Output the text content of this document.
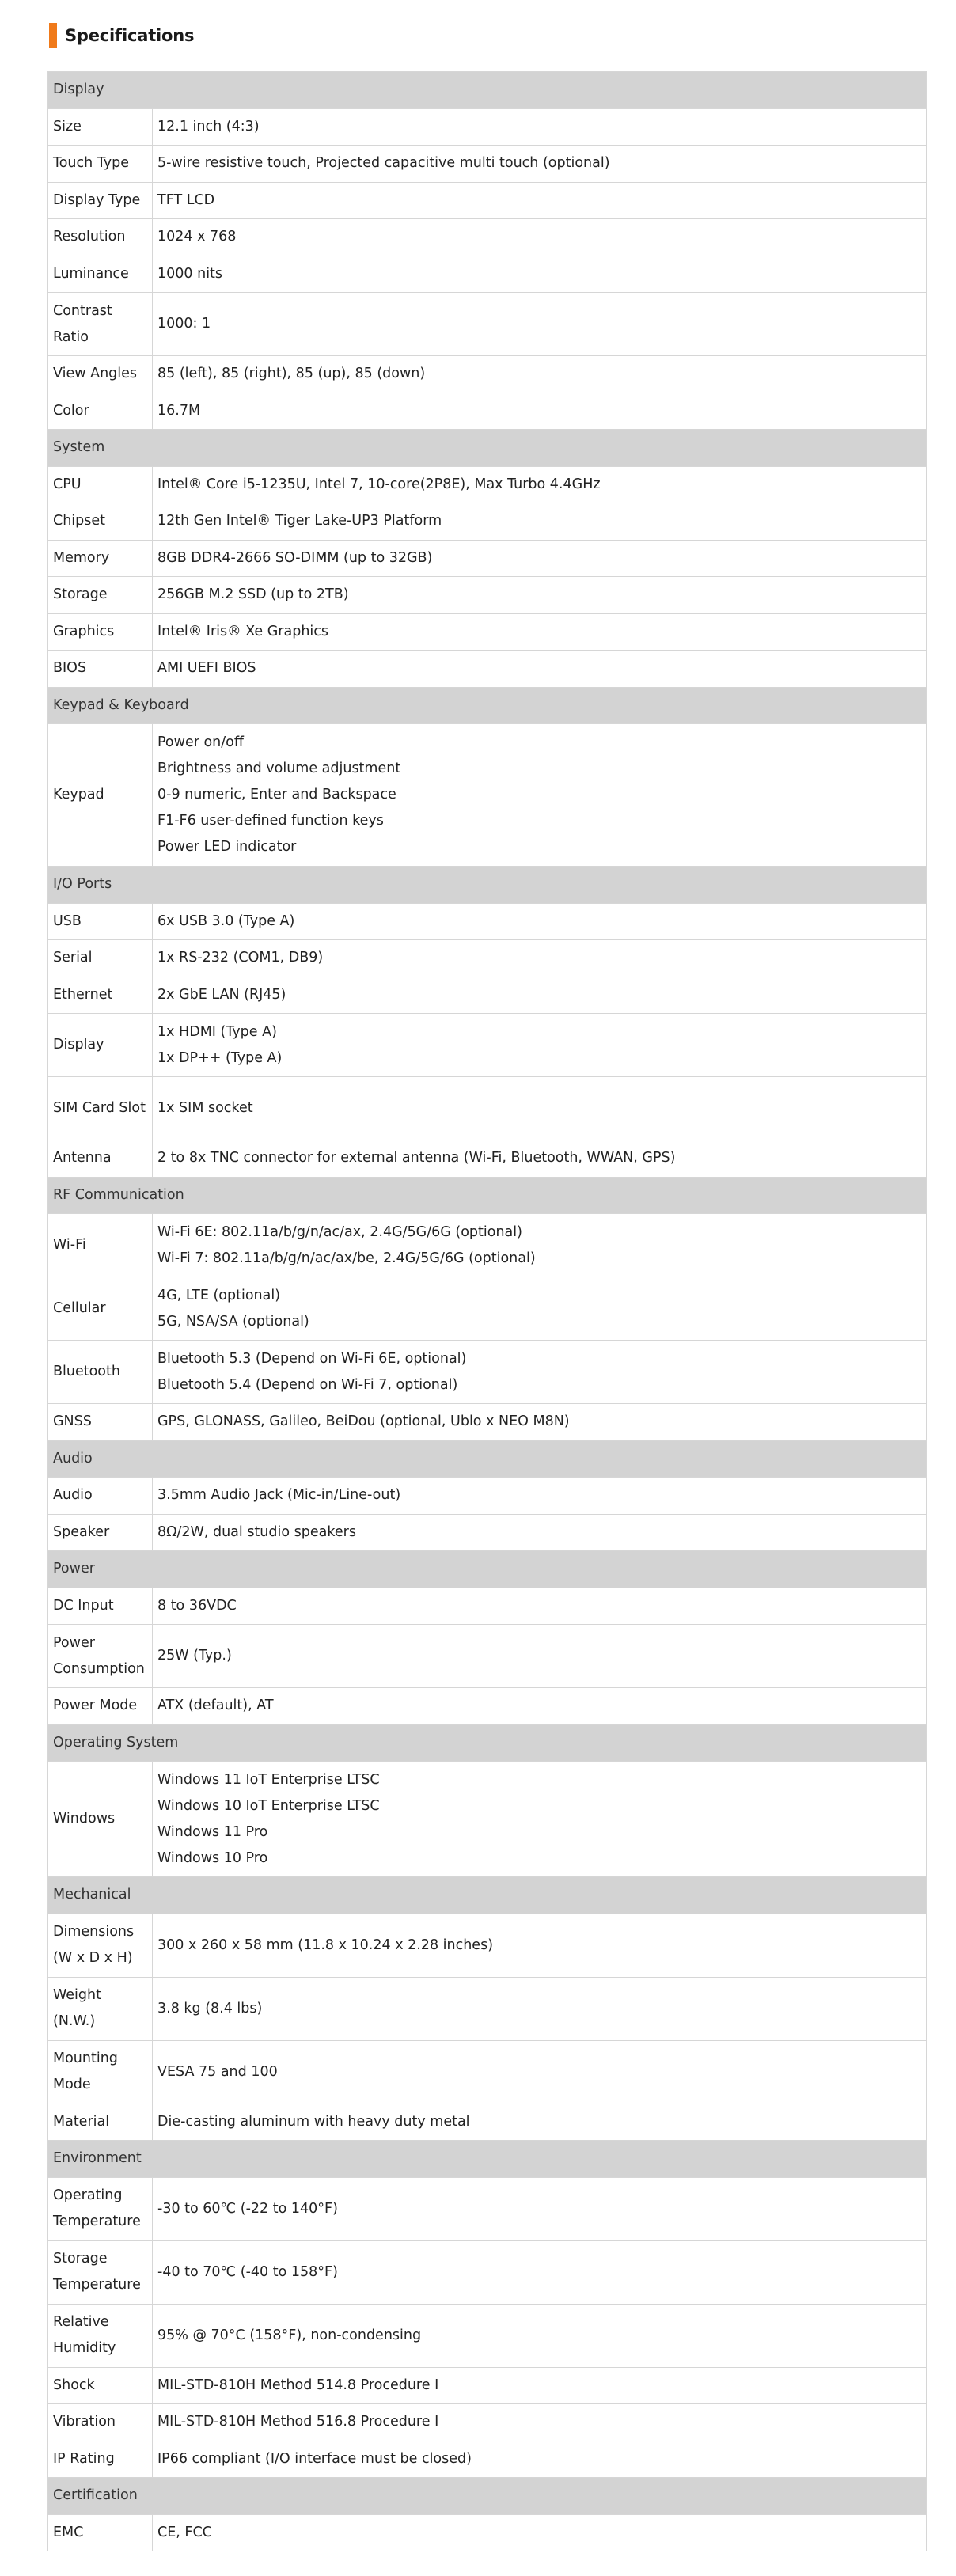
Specifications
Display	
Size	12.1 inch (4:3)

Touch Type	5-wire resistive touch, Projected capacitive multi touch (optional)

Display Type	TFT LCD

Resolution	1024 x 768

Luminance	1000 nits

Contrast Ratio	1000: 1

View Angles	85 (left), 85 (right), 85 (up), 85 (down)

Color	16.7M

System	
CPU	Intel® Core i5-1235U, Intel 7, 10-core(2P8E), Max Turbo 4.4GHz

Chipset	12th Gen Intel® Tiger Lake-UP3 Platform

Memory	8GB DDR4-2666 SO-DIMM (up to 32GB)

Storage	256GB M.2 SSD (up to 2TB)

Graphics	Intel® Iris® Xe Graphics

BIOS	AMI UEFI BIOS

Keypad & Keyboard	
Keypad	Power on/off
Brightness and volume adjustment
0-9 numeric, Enter and Backspace
F1-F6 user-defined function keys
Power LED indicator

I/O Ports	
USB	6x USB 3.0 (Type A)

Serial	1x RS-232 (COM1, DB9)

Ethernet	2x GbE LAN (RJ45)

Display	1x HDMI (Type A)
1x DP++ (Type A)

SIM Card Slot	1x SIM socket

Antenna	2 to 8x TNC connector for external antenna (Wi-Fi, Bluetooth, WWAN, GPS)

RF Communication	
Wi-Fi	Wi-Fi 6E: 802.11a/b/g/n/ac/ax, 2.4G/5G/6G (optional)
Wi-Fi 7: 802.11a/b/g/n/ac/ax/be, 2.4G/5G/6G (optional)

Cellular	4G, LTE (optional)
5G, NSA/SA (optional)

Bluetooth	Bluetooth 5.3 (Depend on Wi-Fi 6E, optional)
Bluetooth 5.4 (Depend on Wi-Fi 7, optional)

GNSS	GPS, GLONASS, Galileo, BeiDou (optional, Ublo x NEO M8N)

Audio	
Audio	3.5mm Audio Jack (Mic-in/Line-out)

Speaker	8Ω/2W, dual studio speakers

Power	
DC Input	8 to 36VDC

Power Consumption	25W (Typ.)

Power Mode	ATX (default), AT

Operating System	
Windows	Windows 11 IoT Enterprise LTSC
Windows 10 IoT Enterprise LTSC
Windows 11 Pro
Windows 10 Pro

Mechanical	
Dimensions (W x D x H)	300 x 260 x 58 mm (11.8 x 10.24 x 2.28 inches)

Weight (N.W.)	3.8 kg (8.4 lbs)

Mounting Mode	VESA 75 and 100

Material	Die-casting aluminum with heavy duty metal

Environment	
Operating Temperature	-30 to 60℃ (-22 to 140°F)

Storage Temperature	-40 to 70℃ (-40 to 158°F)

Relative Humidity	95% @ 70°C (158°F), non-condensing

Shock	MIL-STD-810H Method 514.8 Procedure I

Vibration	MIL-STD-810H Method 516.8 Procedure I

IP Rating	IP66 compliant (I/O interface must be closed)

Certification	
EMC	CE, FCC
